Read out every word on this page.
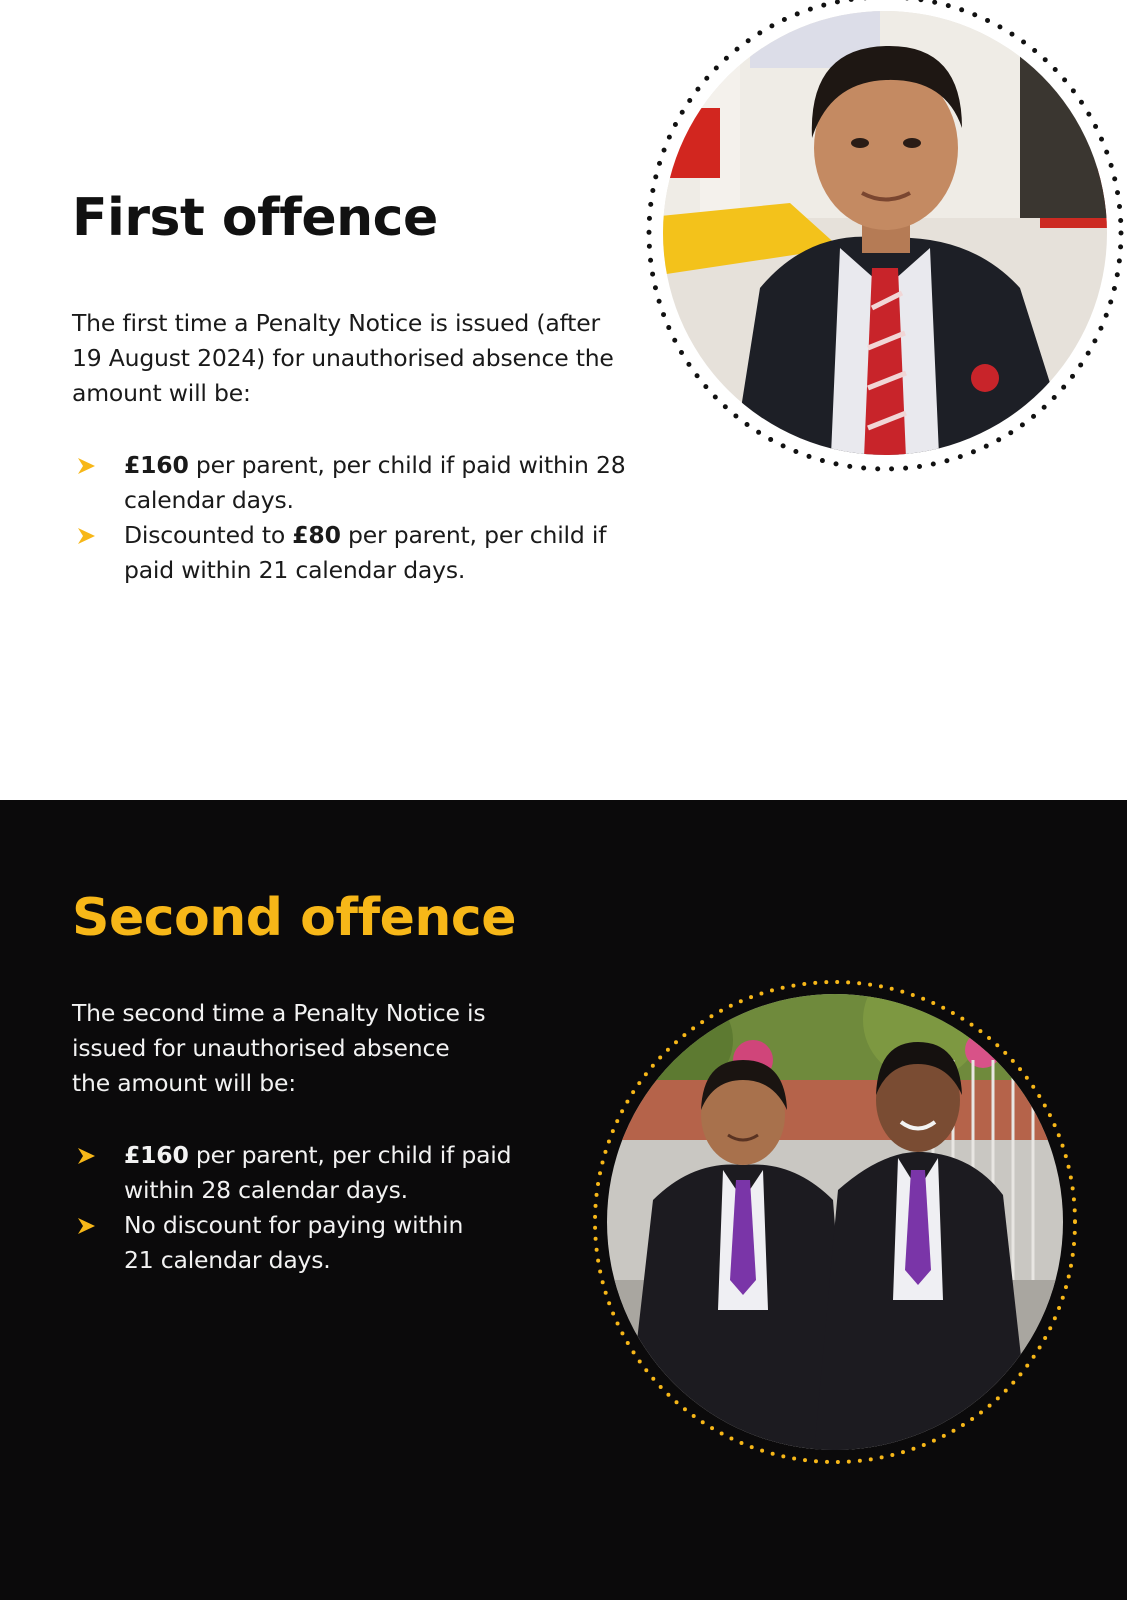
First offence

The first time a Penalty Notice is issued (after
19 August 2024) for unauthorised absence the
amount will be:

£160 per parent, per child if paid within 28
calendar days.
Discounted to £80 per parent, per child if
paid within 21 calendar days.
Second offence

The second time a Penalty Notice is
issued for unauthorised absence
the amount will be:

£160 per parent, per child if paid
within 28 calendar days.
No discount for paying within
21 calendar days.
